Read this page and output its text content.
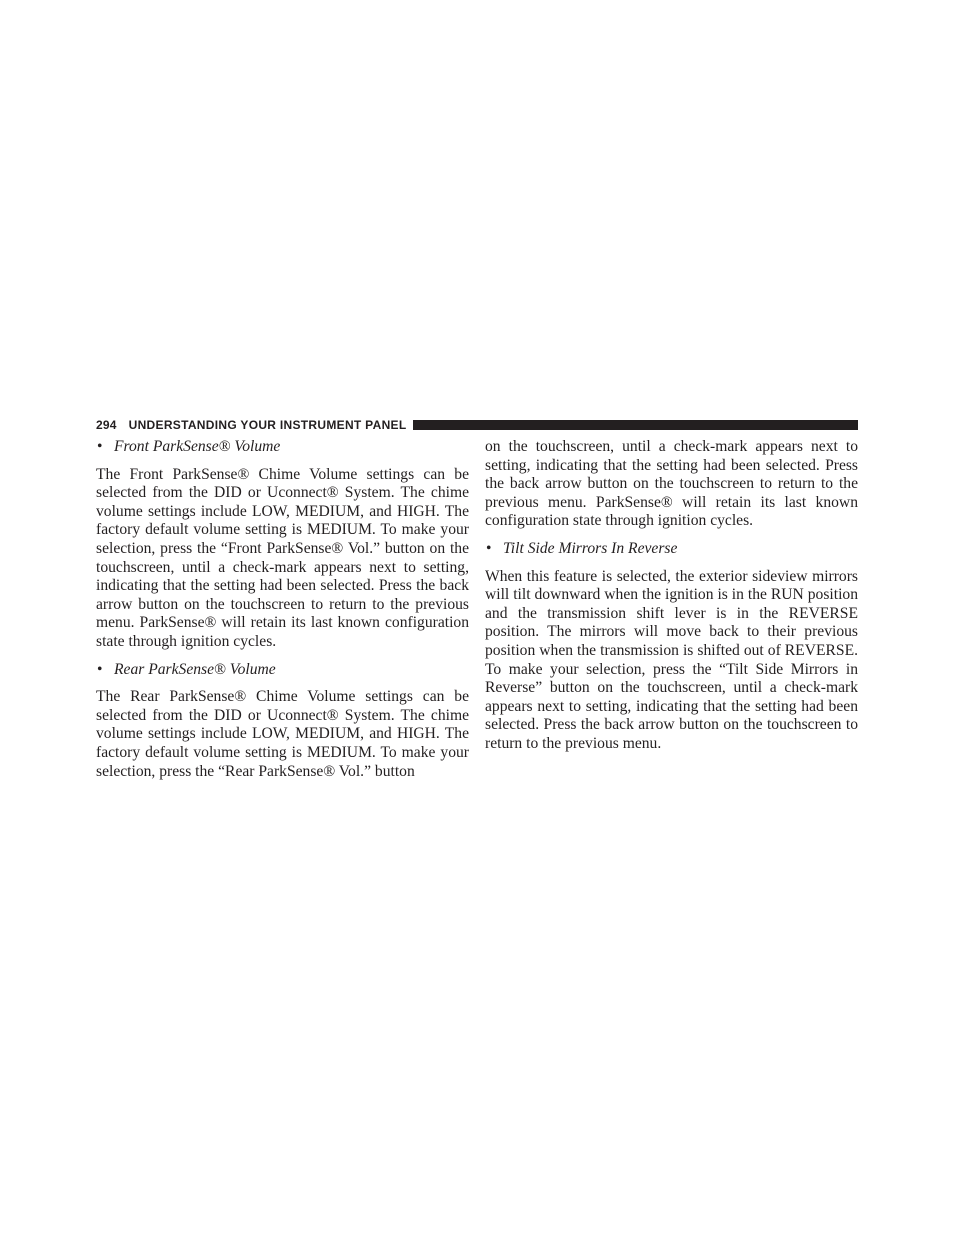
294 UNDERSTANDING YOUR INSTRUMENT PANEL

• Front ParkSense® Volume

The Front ParkSense® Chime Volume settings can be selected from the DID or Uconnect® System. The chime volume settings include LOW, MEDIUM, and HIGH. The factory default volume setting is MEDIUM. To make your selection, press the “Front ParkSense® Vol.” button on the touchscreen, until a check-mark appears next to setting, indicating that the setting had been selected. Press the back arrow button on the touchscreen to return to the previous menu. ParkSense® will retain its last known configuration state through ignition cycles.

• Rear ParkSense® Volume

The Rear ParkSense® Chime Volume settings can be selected from the DID or Uconnect® System. The chime volume settings include LOW, MEDIUM, and HIGH. The factory default volume setting is MEDIUM. To make your selection, press the “Rear ParkSense® Vol.” button

on the touchscreen, until a check-mark appears next to setting, indicating that the setting had been selected. Press the back arrow button on the touchscreen to return to the previous menu. ParkSense® will retain its last known configuration state through ignition cycles.

• Tilt Side Mirrors In Reverse

When this feature is selected, the exterior sideview mirrors will tilt downward when the ignition is in the RUN position and the transmission shift lever is in the REVERSE position. The mirrors will move back to their previous position when the transmission is shifted out of REVERSE. To make your selection, press the “Tilt Side Mirrors in Reverse” button on the touchscreen, until a check-mark appears next to setting, indicating that the setting had been selected. Press the back arrow button on the touchscreen to return to the previous menu.
